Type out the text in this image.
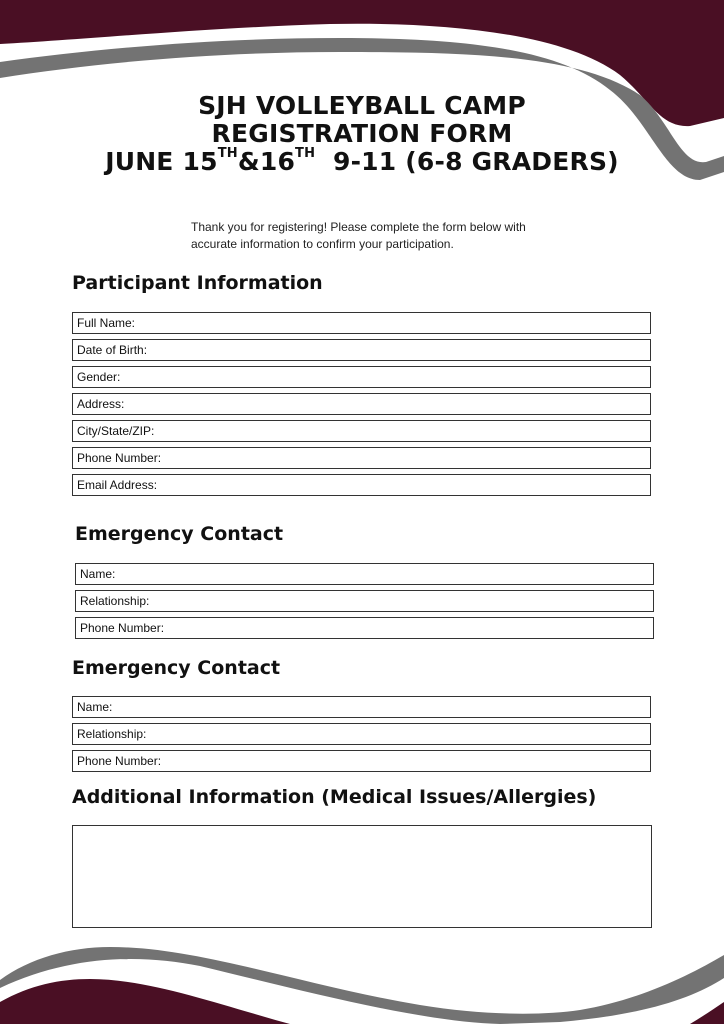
SJH VOLLEYBALL CAMP
REGISTRATION FORM
JUNE 15TH&16TH  9-11 (6-8 GRADERS)
Thank you for registering! Please complete the form below with accurate information to confirm your participation.
Participant Information
Full Name:
Date of Birth:
Gender:
Address:
City/State/ZIP:
Phone Number:
Email Address:
Emergency Contact
Name:
Relationship:
Phone Number:
Emergency Contact
Name:
Relationship:
Phone Number:
Additional Information (Medical Issues/Allergies)
